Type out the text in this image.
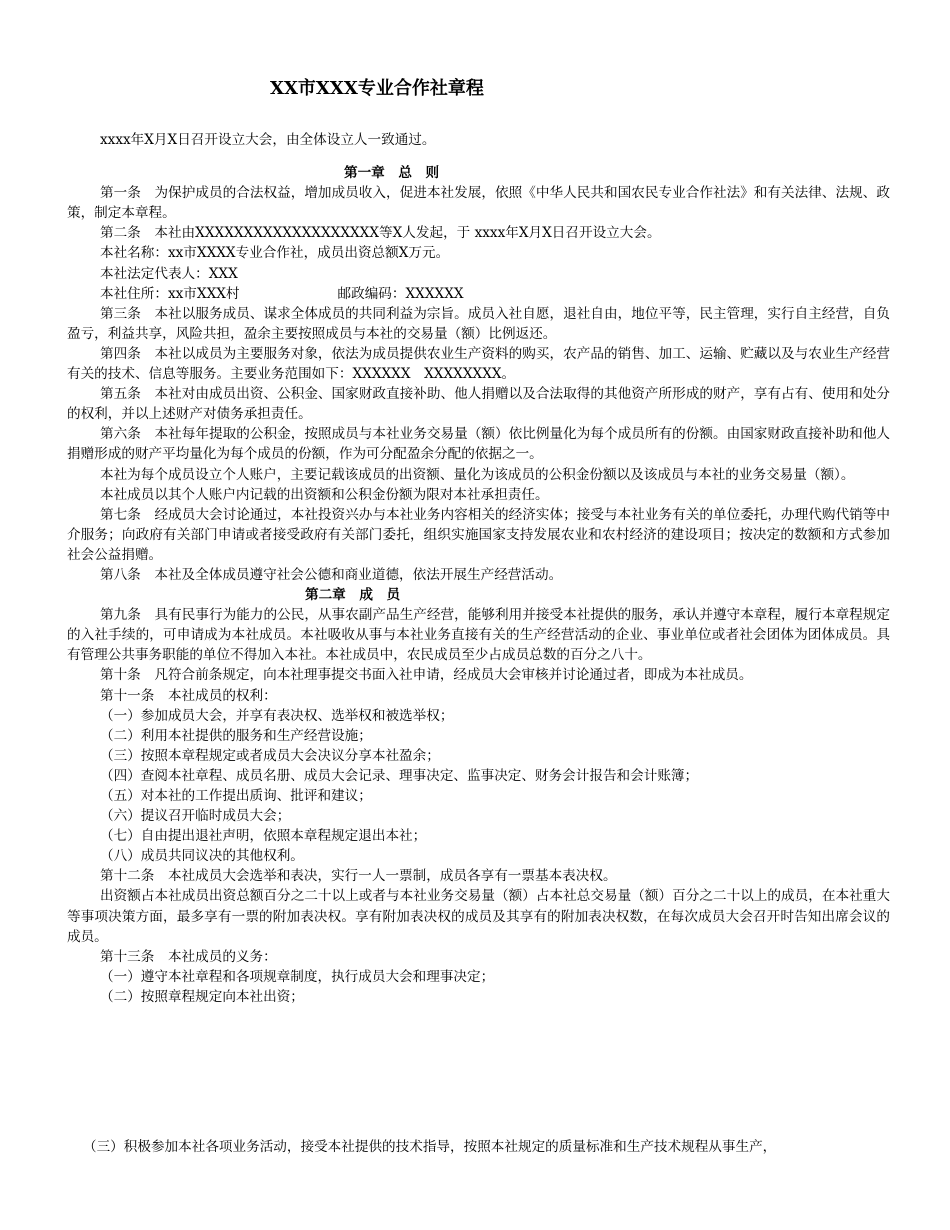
XX市XXX专业合作社章程

xxxx年X月X日召开设立大会，由全体设立人一致通过。

第一章　总　则

第一条　为保护成员的合法权益，增加成员收入，促进本社发展，依照《中华人民共和国农民专业合作社法》和有关法律、法规、政策，制定本章程。

第二条　本社由XXXXXXXXXXXXXXXXXXX等X人发起，于 xxxx年X月X日召开设立大会。

本社名称：xx市XXXX专业合作社，成员出资总额X万元。

本社法定代表人：XXX

本社住所：xx市XXX村	邮政编码：XXXXXX

第三条　本社以服务成员、谋求全体成员的共同利益为宗旨。成员入社自愿，退社自由，地位平等，民主管理，实行自主经营，自负盈亏，利益共享，风险共担，盈余主要按照成员与本社的交易量（额）比例返还。

第四条　本社以成员为主要服务对象，依法为成员提供农业生产资料的购买，农产品的销售、加工、运输、贮藏以及与农业生产经营有关的技术、信息等服务。主要业务范围如下：XXXXXX　XXXXXXXX。

第五条　本社对由成员出资、公积金、国家财政直接补助、他人捐赠以及合法取得的其他资产所形成的财产，享有占有、使用和处分的权利，并以上述财产对债务承担责任。

第六条　本社每年提取的公积金，按照成员与本社业务交易量（额）依比例量化为每个成员所有的份额。由国家财政直接补助和他人捐赠形成的财产平均量化为每个成员的份额，作为可分配盈余分配的依据之一。

本社为每个成员设立个人账户，主要记载该成员的出资额、量化为该成员的公积金份额以及该成员与本社的业务交易量（额）。

本社成员以其个人账户内记载的出资额和公积金份额为限对本社承担责任。

第七条　经成员大会讨论通过，本社投资兴办与本社业务内容相关的经济实体；接受与本社业务有关的单位委托，办理代购代销等中介服务；向政府有关部门申请或者接受政府有关部门委托，组织实施国家支持发展农业和农村经济的建设项目；按决定的数额和方式参加社会公益捐赠。

第八条　本社及全体成员遵守社会公德和商业道德，依法开展生产经营活动。

第二章　成　员

第九条　具有民事行为能力的公民，从事农副产品生产经营，能够利用并接受本社提供的服务，承认并遵守本章程，履行本章程规定的入社手续的，可申请成为本社成员。本社吸收从事与本社业务直接有关的生产经营活动的企业、事业单位或者社会团体为团体成员。具有管理公共事务职能的单位不得加入本社。本社成员中，农民成员至少占成员总数的百分之八十。

第十条　凡符合前条规定，向本社理事提交书面入社申请，经成员大会审核并讨论通过者，即成为本社成员。

第十一条　本社成员的权利：

（一）参加成员大会，并享有表决权、选举权和被选举权；

（二）利用本社提供的服务和生产经营设施；

（三）按照本章程规定或者成员大会决议分享本社盈余；

（四）查阅本社章程、成员名册、成员大会记录、理事决定、监事决定、财务会计报告和会计账簿；

（五）对本社的工作提出质询、批评和建议；

（六）提议召开临时成员大会；

（七）自由提出退社声明，依照本章程规定退出本社；

（八）成员共同议决的其他权利。

第十二条　本社成员大会选举和表决，实行一人一票制，成员各享有一票基本表决权。

出资额占本社成员出资总额百分之二十以上或者与本社业务交易量（额）占本社总交易量（额）百分之二十以上的成员，在本社重大等事项决策方面，最多享有一票的附加表决权。享有附加表决权的成员及其享有的附加表决权数，在每次成员大会召开时告知出席会议的成员。

第十三条　本社成员的义务：

（一）遵守本社章程和各项规章制度，执行成员大会和理事决定；

（二）按照章程规定向本社出资；

（三）积极参加本社各项业务活动，接受本社提供的技术指导，按照本社规定的质量标准和生产技术规程从事生产，
